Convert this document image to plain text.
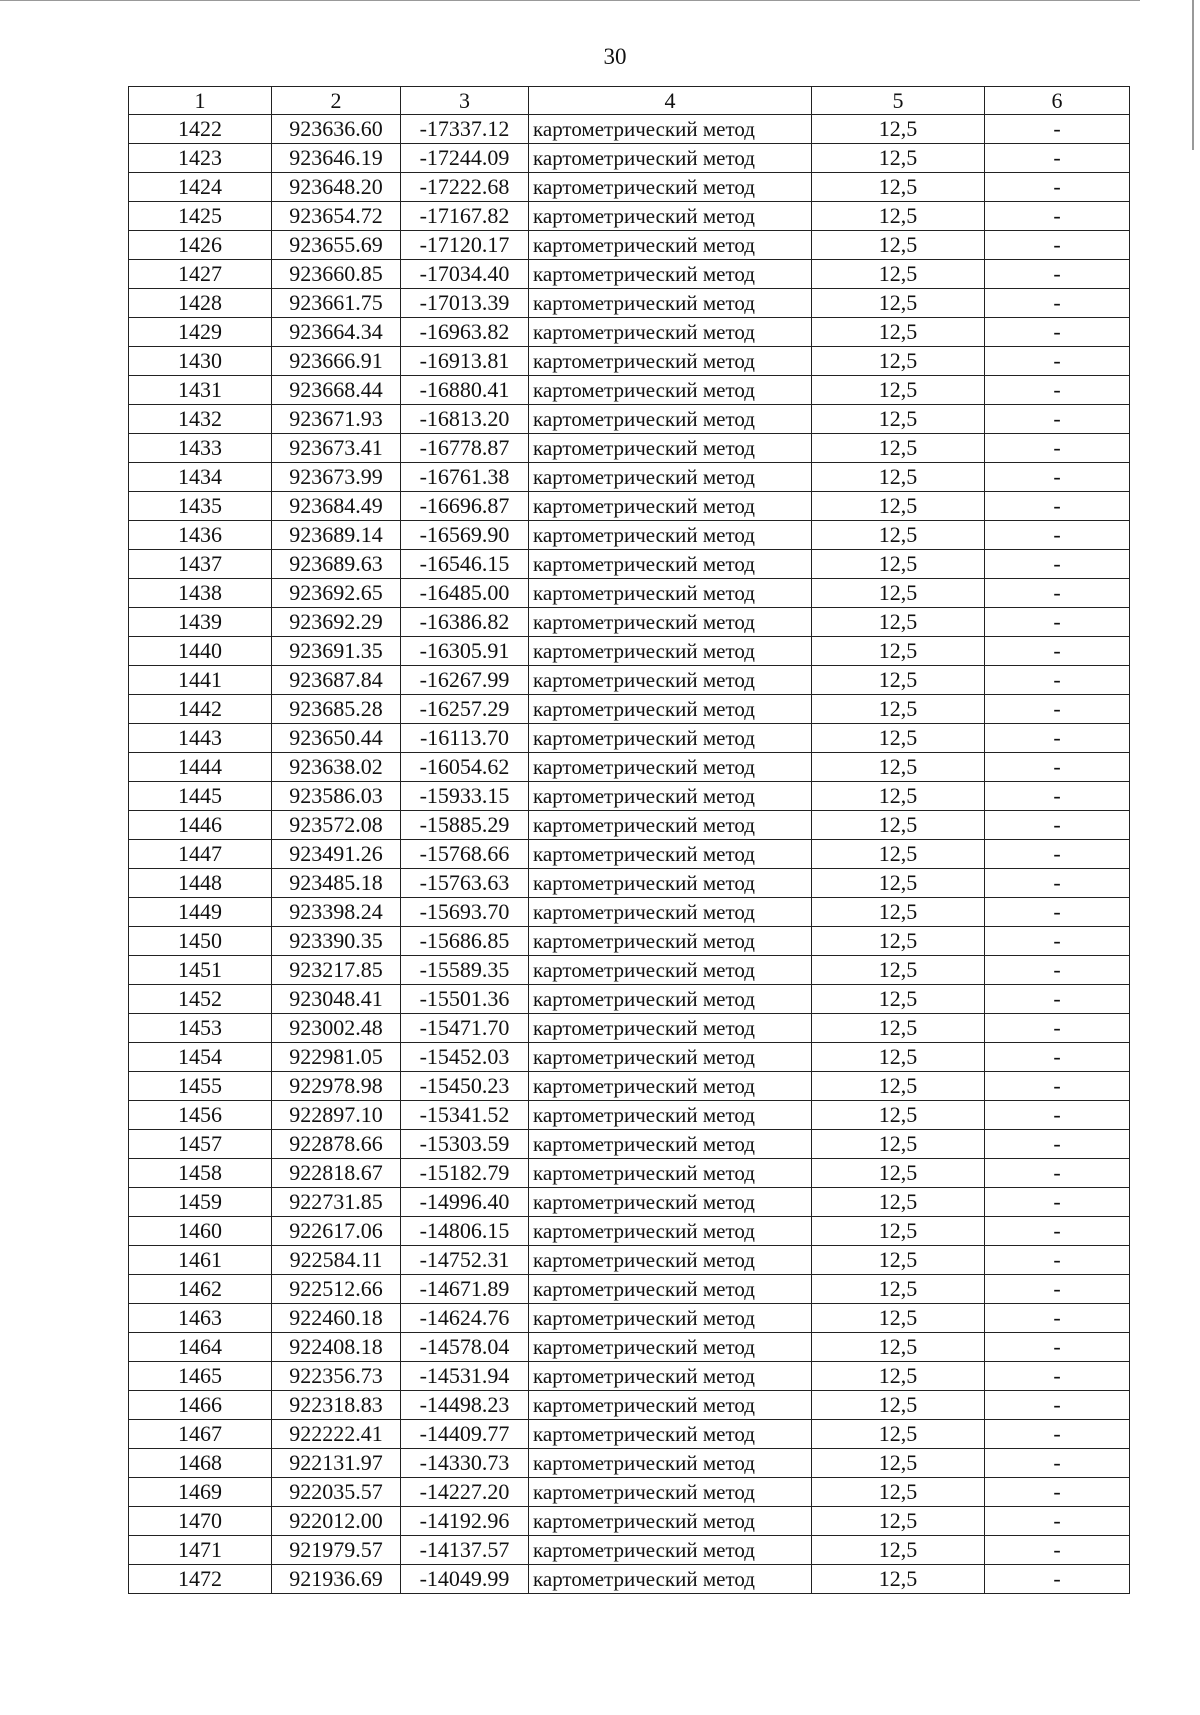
30
1	2	3	4	5	6
1422	923636.60	-17337.12	картометрический метод	12,5	-
1423	923646.19	-17244.09	картометрический метод	12,5	-
1424	923648.20	-17222.68	картометрический метод	12,5	-
1425	923654.72	-17167.82	картометрический метод	12,5	-
1426	923655.69	-17120.17	картометрический метод	12,5	-
1427	923660.85	-17034.40	картометрический метод	12,5	-
1428	923661.75	-17013.39	картометрический метод	12,5	-
1429	923664.34	-16963.82	картометрический метод	12,5	-
1430	923666.91	-16913.81	картометрический метод	12,5	-
1431	923668.44	-16880.41	картометрический метод	12,5	-
1432	923671.93	-16813.20	картометрический метод	12,5	-
1433	923673.41	-16778.87	картометрический метод	12,5	-
1434	923673.99	-16761.38	картометрический метод	12,5	-
1435	923684.49	-16696.87	картометрический метод	12,5	-
1436	923689.14	-16569.90	картометрический метод	12,5	-
1437	923689.63	-16546.15	картометрический метод	12,5	-
1438	923692.65	-16485.00	картометрический метод	12,5	-
1439	923692.29	-16386.82	картометрический метод	12,5	-
1440	923691.35	-16305.91	картометрический метод	12,5	-
1441	923687.84	-16267.99	картометрический метод	12,5	-
1442	923685.28	-16257.29	картометрический метод	12,5	-
1443	923650.44	-16113.70	картометрический метод	12,5	-
1444	923638.02	-16054.62	картометрический метод	12,5	-
1445	923586.03	-15933.15	картометрический метод	12,5	-
1446	923572.08	-15885.29	картометрический метод	12,5	-
1447	923491.26	-15768.66	картометрический метод	12,5	-
1448	923485.18	-15763.63	картометрический метод	12,5	-
1449	923398.24	-15693.70	картометрический метод	12,5	-
1450	923390.35	-15686.85	картометрический метод	12,5	-
1451	923217.85	-15589.35	картометрический метод	12,5	-
1452	923048.41	-15501.36	картометрический метод	12,5	-
1453	923002.48	-15471.70	картометрический метод	12,5	-
1454	922981.05	-15452.03	картометрический метод	12,5	-
1455	922978.98	-15450.23	картометрический метод	12,5	-
1456	922897.10	-15341.52	картометрический метод	12,5	-
1457	922878.66	-15303.59	картометрический метод	12,5	-
1458	922818.67	-15182.79	картометрический метод	12,5	-
1459	922731.85	-14996.40	картометрический метод	12,5	-
1460	922617.06	-14806.15	картометрический метод	12,5	-
1461	922584.11	-14752.31	картометрический метод	12,5	-
1462	922512.66	-14671.89	картометрический метод	12,5	-
1463	922460.18	-14624.76	картометрический метод	12,5	-
1464	922408.18	-14578.04	картометрический метод	12,5	-
1465	922356.73	-14531.94	картометрический метод	12,5	-
1466	922318.83	-14498.23	картометрический метод	12,5	-
1467	922222.41	-14409.77	картометрический метод	12,5	-
1468	922131.97	-14330.73	картометрический метод	12,5	-
1469	922035.57	-14227.20	картометрический метод	12,5	-
1470	922012.00	-14192.96	картометрический метод	12,5	-
1471	921979.57	-14137.57	картометрический метод	12,5	-
1472	921936.69	-14049.99	картометрический метод	12,5	-
